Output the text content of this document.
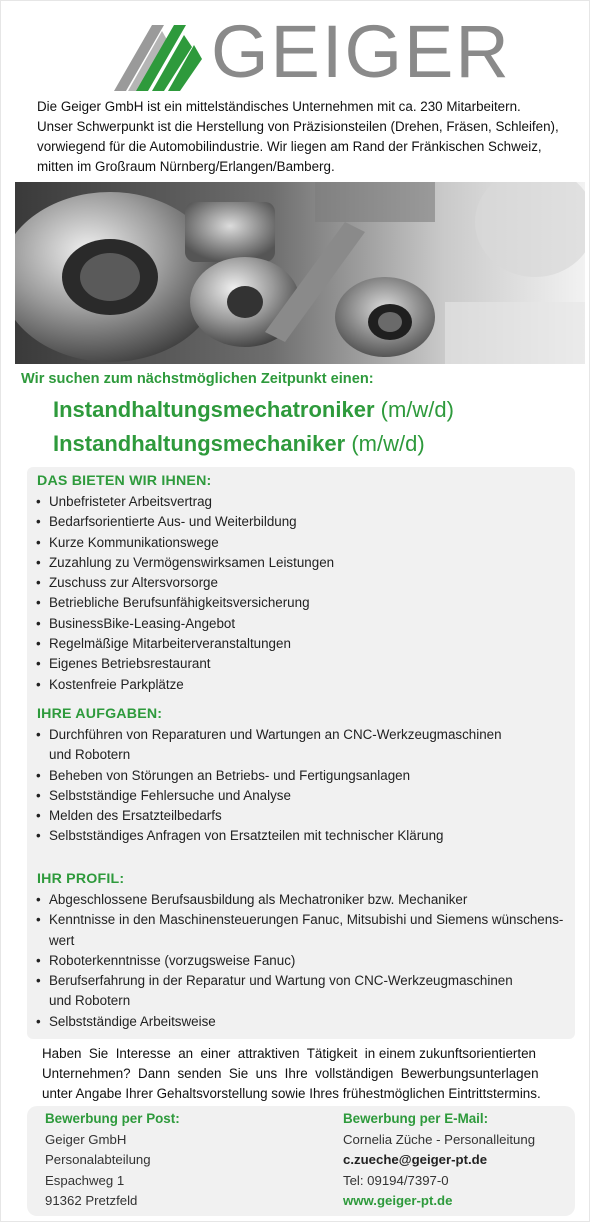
GEIGER

Die Geiger GmbH ist ein mittelständisches Unternehmen mit ca. 230 Mitarbeitern.

Unser Schwerpunkt ist die Herstellung von Präzisionsteilen (Drehen, Fräsen, Schleifen),

vorwiegend für die Automobilindustrie. Wir liegen am Rand der Fränkischen Schweiz,

mitten im Großraum Nürnberg/Erlangen/Bamberg.

Wir suchen zum nächstmöglichen Zeitpunkt einen:
Instandhaltungsmechatroniker (m/w/d)
Instandhaltungsmechaniker (m/w/d)
DAS BIETEN WIR IHNEN:
• Unbefristeter Arbeitsvertrag
• Bedarfsorientierte Aus- und Weiterbildung
• Kurze Kommunikationswege
• Zuzahlung zu Vermögenswirksamen Leistungen
• Zuschuss zur Altersvorsorge
• Betriebliche Berufsunfähigkeitsversicherung
• BusinessBike-Leasing-Angebot
• Regelmäßige Mitarbeiterveranstaltungen
• Eigenes Betriebsrestaurant
• Kostenfreie Parkplätze
IHRE AUFGABEN:
• Durchführen von Reparaturen und Wartungen an CNC-Werkzeugmaschinen
und Robotern
• Beheben von Störungen an Betriebs- und Fertigungsanlagen
• Selbstständige Fehlersuche und Analyse
• Melden des Ersatzteilbedarfs
• Selbstständiges Anfragen von Ersatzteilen mit technischer Klärung
IHR PROFIL:
• Abgeschlossene Berufsausbildung als Mechatroniker bzw. Mechaniker
• Kenntnisse in den Maschinensteuerungen Fanuc, Mitsubishi und Siemens wünschens-
wert
• Roboterkenntnisse (vorzugsweise Fanuc)
• Berufserfahrung in der Reparatur und Wartung von CNC-Werkzeugmaschinen
und Robotern
• Selbstständige Arbeitsweise

Haben  Sie  Interesse  an  einer  attraktiven  Tätigkeit  in einem zukunftsorientierten

Unternehmen?  Dann  senden  Sie  uns  Ihre  vollständigen  Bewerbungsunterlagen

unter Angabe Ihrer Gehaltsvorstellung sowie Ihres frühestmöglichen Eintrittstermins.

Bewerbung per Post:
Geiger GmbH
Personalabteilung
Espachweg 1
91362 Pretzfeld
Bewerbung per E-Mail:
Cornelia Züche - Personalleitung
c.zueche@geiger-pt.de
Tel: 09194/7397-0
www.geiger-pt.de
